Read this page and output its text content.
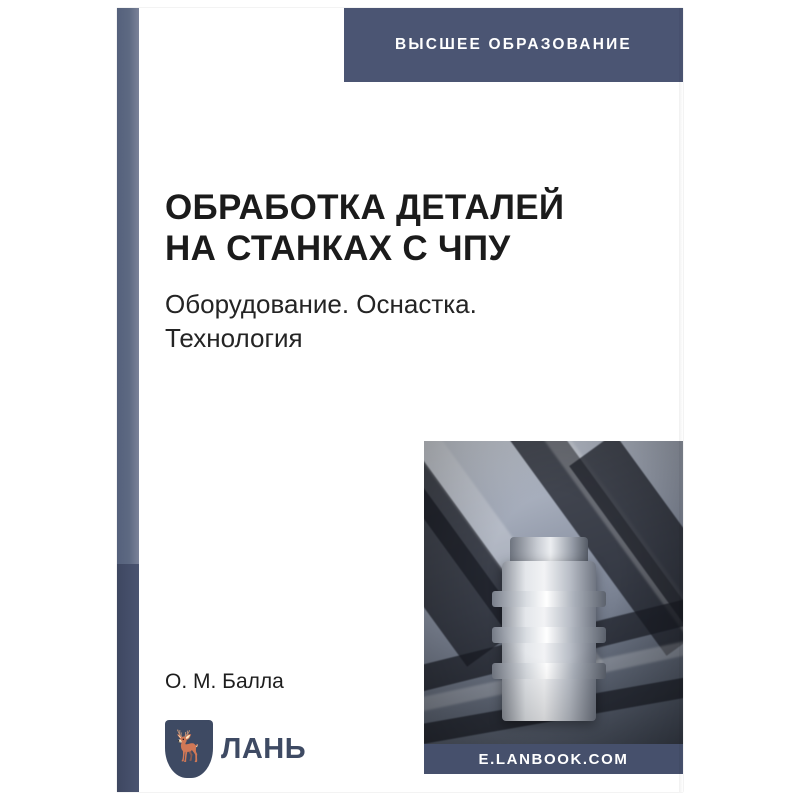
ВЫСШЕЕ ОБРАЗОВАНИЕ
ОБРАБОТКА ДЕТАЛЕЙ
НА СТАНКАХ С ЧПУ
Оборудование. Оснастка.
Технология
О. М. Балла
🦌 ЛАНЬ	E.LANBOOK.COM
